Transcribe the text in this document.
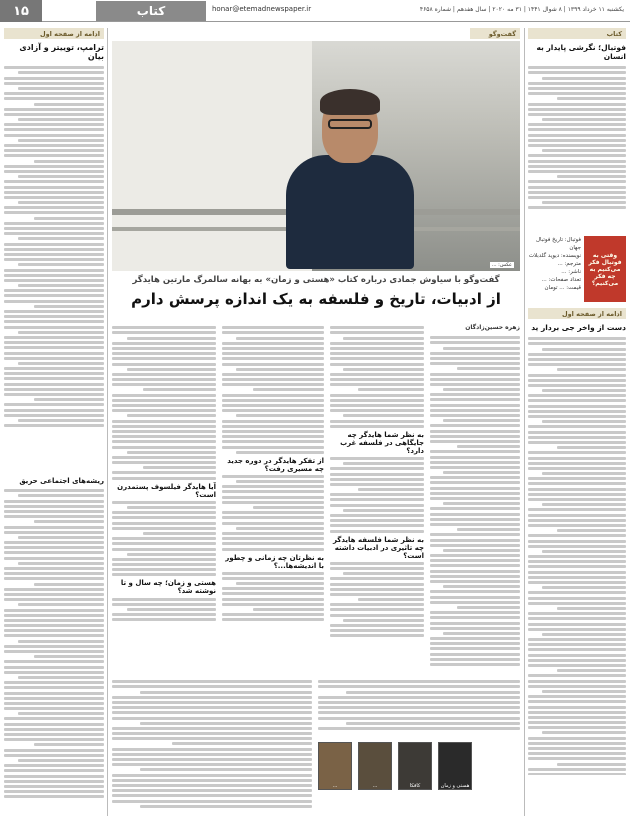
۱۵	کتاب	honar@etemadnewspaper.ir	یکشنبه ۱۱ خرداد ۱۳۹۹ | ۸ شوال ۱۴۴۱ | ۳۱ مه ۲۰۲۰ | سال هفدهم | شماره ۴۶۵۸
ادامه از صفحه اول
ترامپ، توییتر و آزادی بیان
ریشه‌های اجتماعی حریق
کتاب
فوتبال؛ نگرشی پایدار به انسان
وقتی به فوتبال فکر می‌کنیم به چه فکر می‌کنیم؟
فوتبال: تاریخ فوتبال جهان
نویسنده: دیوید گلدبلات
مترجم: ...
ناشر: ...
تعداد صفحات: ...
قیمت: ... تومان
ادامه از صفحه اول
دست از واخر جی بردار ید
گفت‌وگو
عکس: ...
گفت‌وگو با سیاوش جمادی درباره کتاب «هستی و زمان» به بهانه سالمرگ مارتین هایدگر
از ادبیات، تاریخ و فلسفه به یک اندازه پرسش دارم
زهره حسین‌زادگان
به نظر شما هایدگر چه جایگاهی در فلسفه غرب دارد؟
به نظر شما فلسفه هایدگر چه تاثیری در ادبیات داشته است؟
از تفکر هایدگر در دوره جدید چه مسیری رفت؟
به نظرتان چه زمانی و چطور با اندیشه‌ها...؟
آیا هایدگر فیلسوف پستمدرن است؟
هستی و زمان؛ چه سال و تا نوشته شد؟
هستی و زمان
کافکا
...
...
